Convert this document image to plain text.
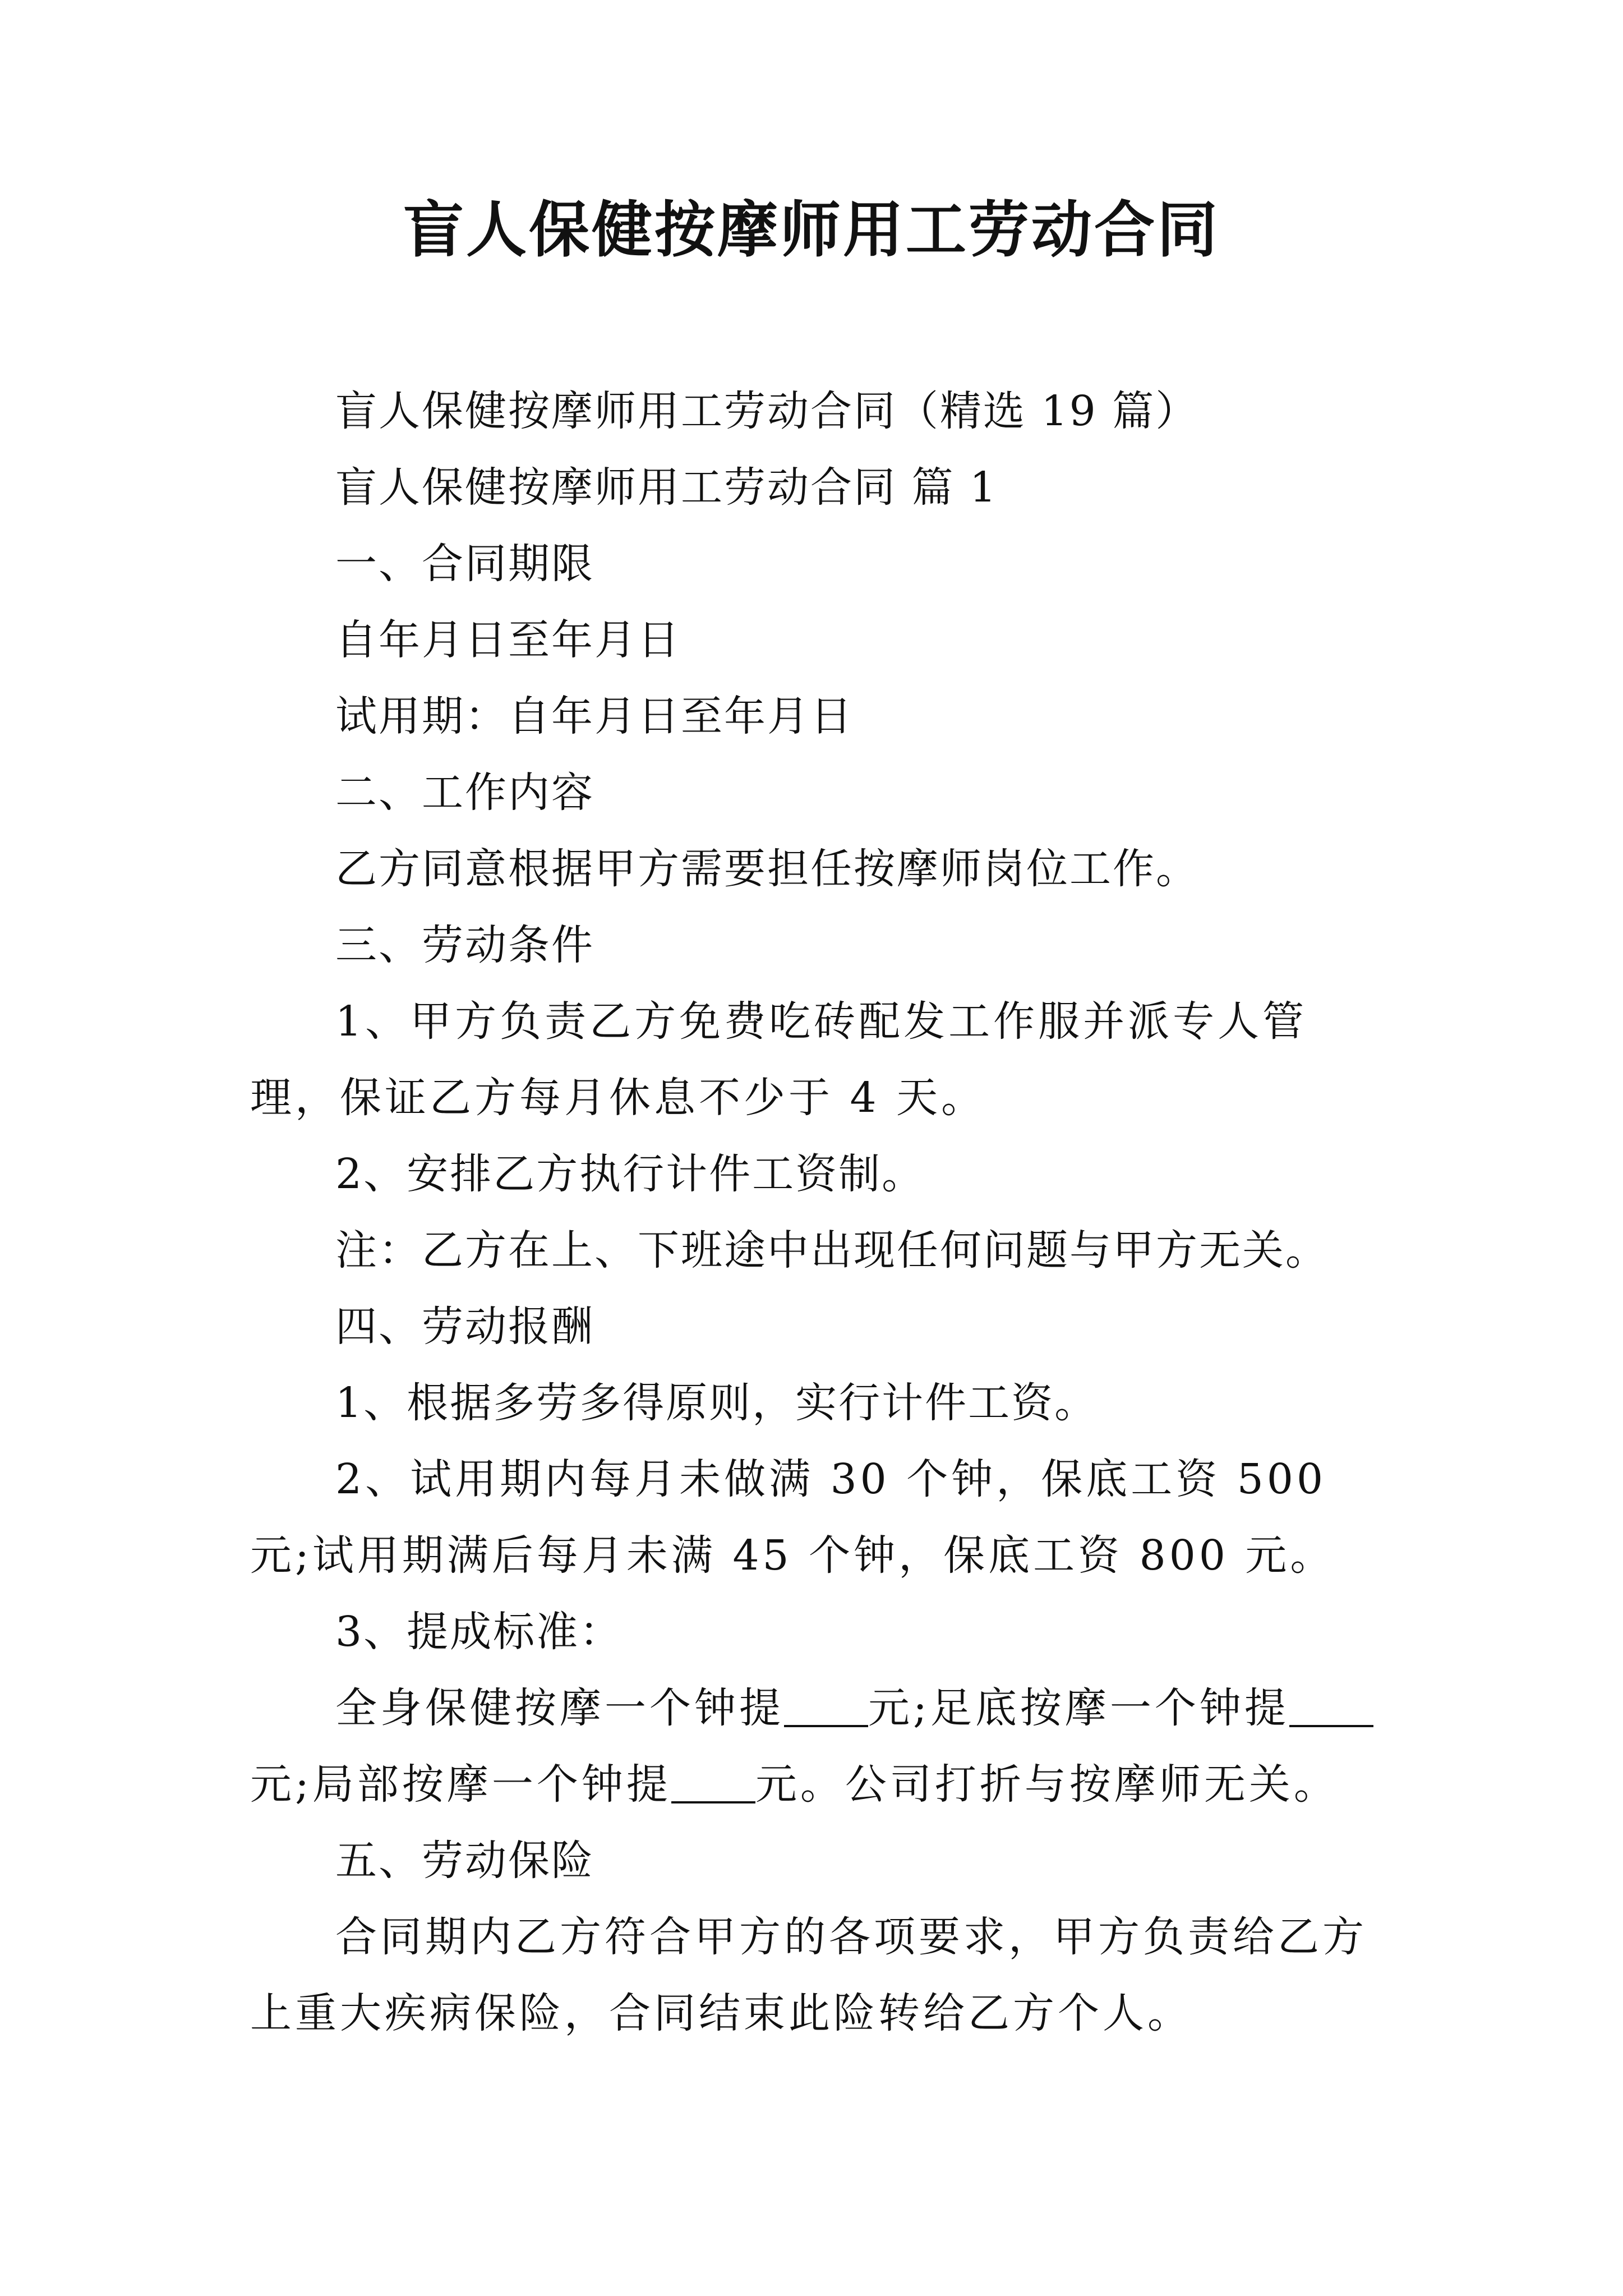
盲人保健按摩师用工劳动合同

盲人保健按摩师用工劳动合同（精选 19 篇）

盲人保健按摩师用工劳动合同 篇 1

一、合同期限

自年月日至年月日

试用期：自年月日至年月日

二、工作内容

乙方同意根据甲方需要担任按摩师岗位工作。

三、劳动条件

1、甲方负责乙方免费吃砖配发工作服并派专人管理，保证乙方每月休息不少于 4 天。

2、安排乙方执行计件工资制。

注：乙方在上、下班途中出现任何问题与甲方无关。

四、劳动报酬

1、根据多劳多得原则，实行计件工资。

2、试用期内每月未做满 30 个钟，保底工资 500 元;试用期满后每月未满 45 个钟，保底工资 800 元。

3、提成标准：

全身保健按摩一个钟提 元;足底按摩一个钟提元;局部按摩一个钟提 元。公司打折与按摩师无关。

五、劳动保险

合同期内乙方符合甲方的各项要求，甲方负责给乙方上重大疾病保险，合同结束此险转给乙方个人。
